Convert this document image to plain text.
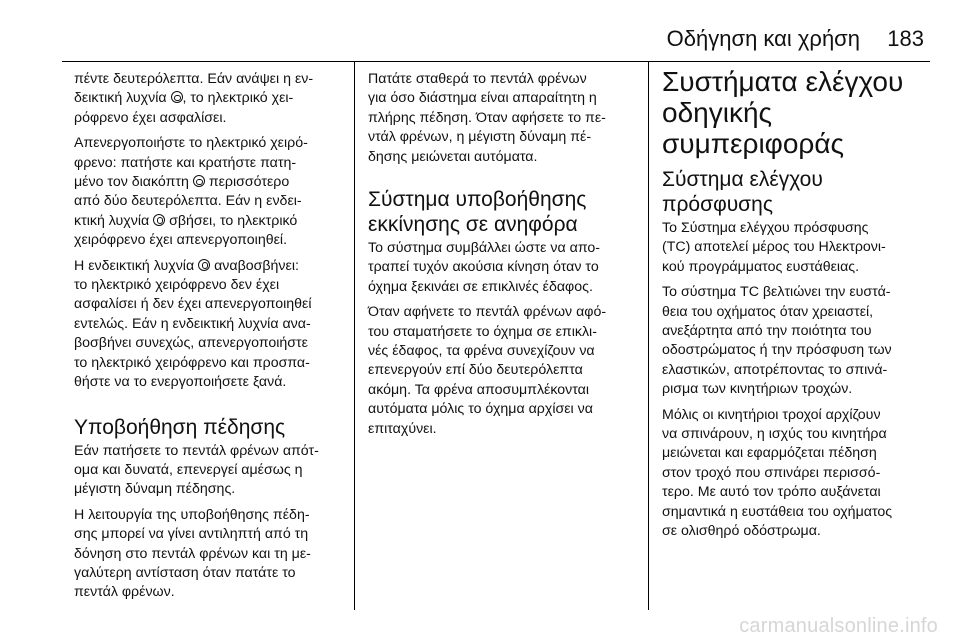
Οδήγηση και χρήση 183

πέντε δευτερόλεπτα. Εάν ανάψει η εν-
δεικτική λυχνία , το ηλεκτρικό χει-
ρόφρενο έχει ασφαλίσει.

Απενεργοποιήστε το ηλεκτρικό χειρό-
φρενο: πατήστε και κρατήστε πατη-
μένο τον διακόπτη περισσότερο
από δύο δευτερόλεπτα. Εάν η ενδει-
κτική λυχνία σβήσει, το ηλεκτρικό
χειρόφρενο έχει απενεργοποιηθεί.

Η ενδεικτική λυχνία αναβοσβήνει:
το ηλεκτρικό χειρόφρενο δεν έχει
ασφαλίσει ή δεν έχει απενεργοποιηθεί
εντελώς. Εάν η ενδεικτική λυχνία ανα-
βοσβήνει συνεχώς, απενεργοποιήστε
το ηλεκτρικό χειρόφρενο και προσπα-
θήστε να το ενεργοποιήσετε ξανά.

Υποβοήθηση πέδησης

Εάν πατήσετε το πεντάλ φρένων απότ-
ομα και δυνατά, επενεργεί αμέσως η
μέγιστη δύναμη πέδησης.

Η λειτουργία της υποβοήθησης πέδη-
σης μπορεί να γίνει αντιληπτή από τη
δόνηση στο πεντάλ φρένων και τη με-
γαλύτερη αντίσταση όταν πατάτε το
πεντάλ φρένων.

Πατάτε σταθερά το πεντάλ φρένων
για όσο διάστημα είναι απαραίτητη η
πλήρης πέδηση. Όταν αφήσετε το πε-
ντάλ φρένων, η μέγιστη δύναμη πέ-
δησης μειώνεται αυτόματα.

Σύστημα υποβοήθησης
εκκίνησης σε ανηφόρα

Το σύστημα συμβάλλει ώστε να απο-
τραπεί τυχόν ακούσια κίνηση όταν το
όχημα ξεκινάει σε επικλινές έδαφος.

Όταν αφήνετε το πεντάλ φρένων αφό-
του σταματήσετε το όχημα σε επικλι-
νές έδαφος, τα φρένα συνεχίζουν να
επενεργούν επί δύο δευτερόλεπτα
ακόμη. Τα φρένα αποσυμπλέκονται
αυτόματα μόλις το όχημα αρχίσει να
επιταχύνει.

Συστήματα ελέγχου
οδηγικής
συμπεριφοράς
Σύστημα ελέγχου
πρόσφυσης

Το Σύστημα ελέγχου πρόσφυσης
(TC) αποτελεί μέρος του Ηλεκτρονι-
κού προγράμματος ευστάθειας.

Το σύστημα TC βελτιώνει την ευστά-
θεια του οχήματος όταν χρειαστεί,
ανεξάρτητα από την ποιότητα του
οδοστρώματος ή την πρόσφυση των
ελαστικών, αποτρέποντας το σπινά-
ρισμα των κινητήριων τροχών.

Μόλις οι κινητήριοι τροχοί αρχίζουν
να σπινάρουν, η ισχύς του κινητήρα
μειώνεται και εφαρμόζεται πέδηση
στον τροχό που σπινάρει περισσό-
τερο. Με αυτό τον τρόπο αυξάνεται
σημαντικά η ευστάθεια του οχήματος
σε ολισθηρό οδόστρωμα.

carmanualsonline.info
